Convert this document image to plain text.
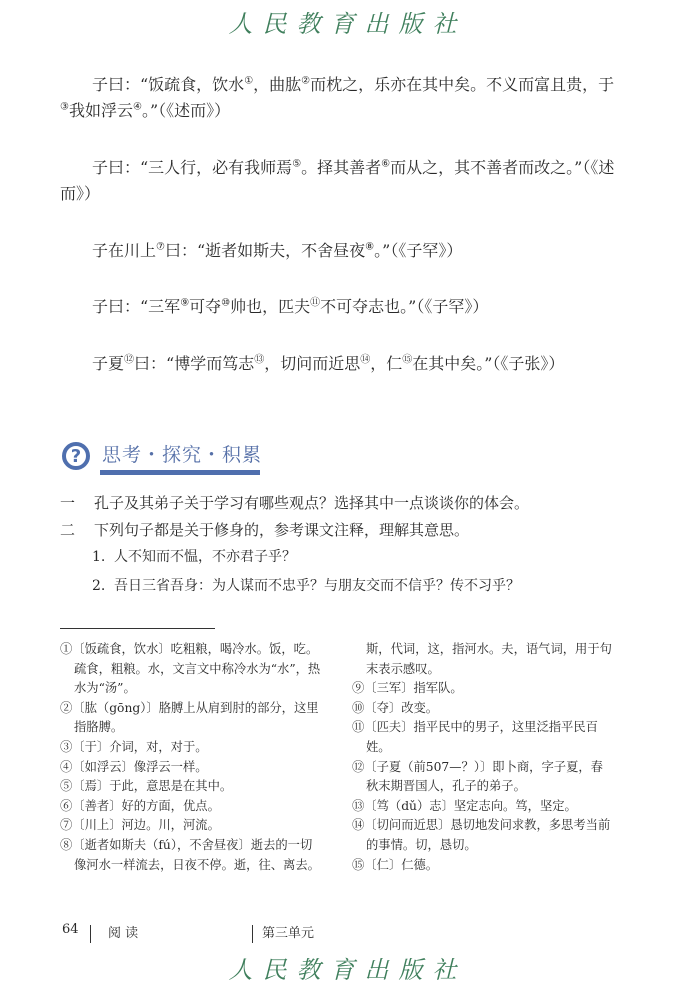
人民教育出版社
子曰：“饭疏食，饮水①，曲肱②而枕之，乐亦在其中矣。不义而富且贵，于③我如浮云④。”（《述而》）
子曰：“三人行，必有我师焉⑤。择其善者⑥而从之，其不善者而改之。”（《述而》）
子在川上⑦曰：“逝者如斯夫，不舍昼夜⑧。”（《子罕》）
子曰：“三军⑨可夺⑩帅也，匹夫⑪不可夺志也。”（《子罕》）
子夏⑫曰：“博学而笃志⑬，切问而近思⑭，仁⑮在其中矣。”（《子张》）
?	思考・探究・积累
一 孔子及其弟子关于学习有哪些观点？选择其中一点谈谈你的体会。
二 下列句子都是关于修身的，参考课文注释，理解其意思。
1. 人不知而不愠，不亦君子乎？
2. 吾日三省吾身：为人谋而不忠乎？与朋友交而不信乎？传不习乎？
①〔饭疏食，饮水〕吃粗粮，喝冷水。饭，吃。疏食，粗粮。水，文言文中称冷水为“水”，热水为“汤”。
②〔肱（gōng）〕胳膊上从肩到肘的部分，这里指胳膊。
③〔于〕介词，对，对于。
④〔如浮云〕像浮云一样。
⑤〔焉〕于此，意思是在其中。
⑥〔善者〕好的方面，优点。
⑦〔川上〕河边。川，河流。
⑧〔逝者如斯夫（fú），不舍昼夜〕逝去的一切像河水一样流去，日夜不停。逝，往、离去。
斯，代词，这，指河水。夫，语气词，用于句末表示感叹。
⑨〔三军〕指军队。
⑩〔夺〕改变。
⑪〔匹夫〕指平民中的男子，这里泛指平民百姓。
⑫〔子夏（前507—？）〕即卜商，字子夏，春秋末期晋国人，孔子的弟子。
⑬〔笃（dǔ）志〕坚定志向。笃，坚定。
⑭〔切问而近思〕恳切地发问求教，多思考当前的事情。切，恳切。
⑮〔仁〕仁德。
64 阅 读	第三单元
人民教育出版社
